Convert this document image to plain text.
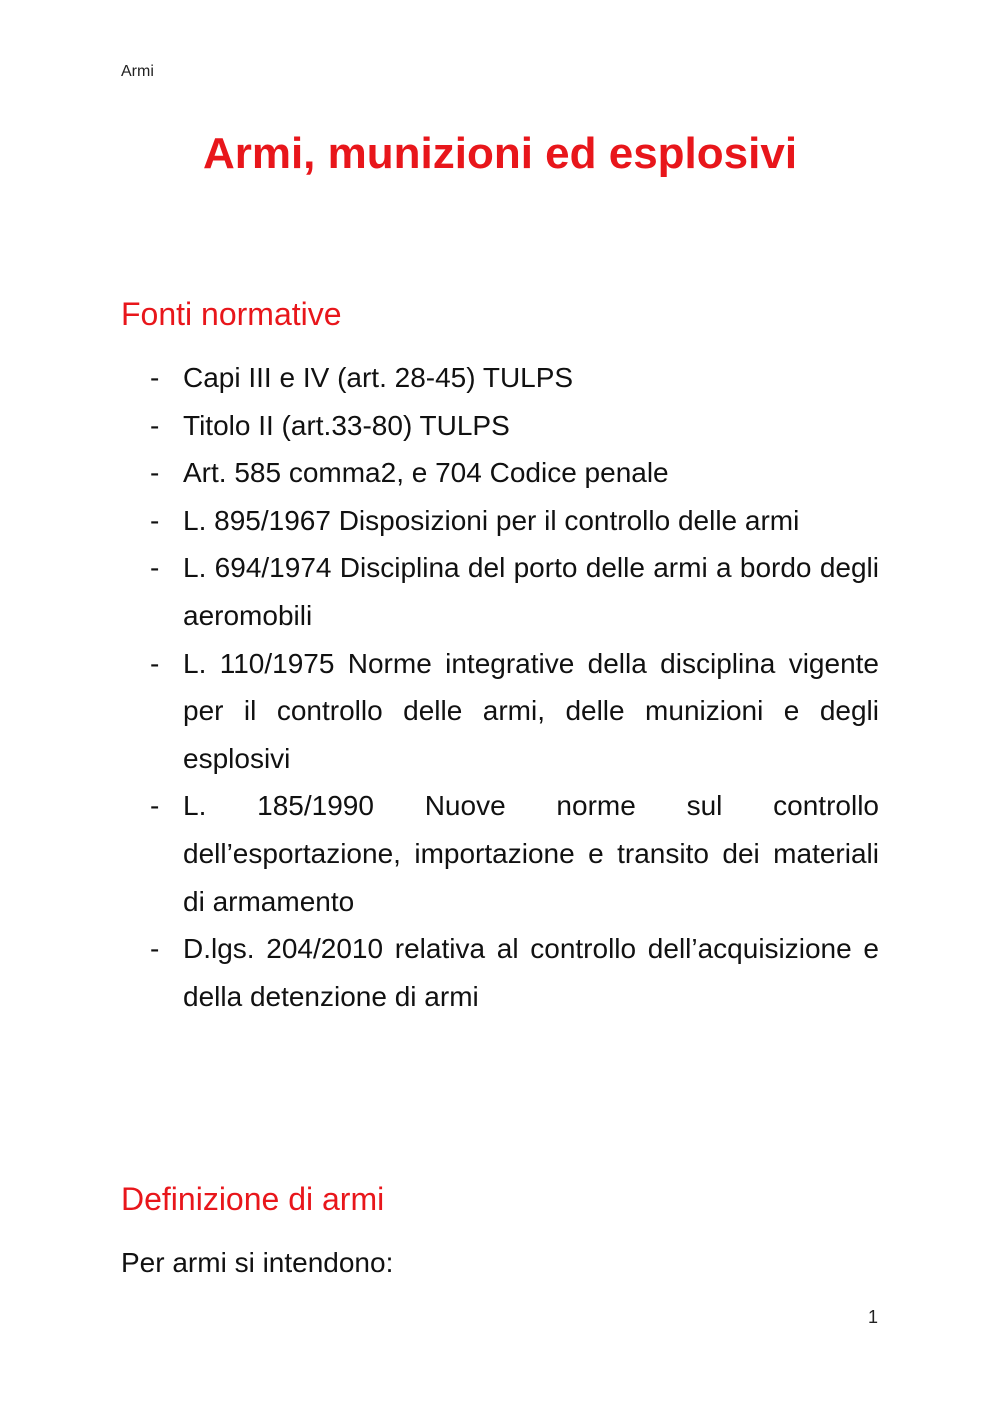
Armi
Armi, munizioni ed esplosivi
Fonti normative
- Capi III e IV (art. 28-45) TULPS
- Titolo II (art.33-80) TULPS
- Art. 585 comma2, e 704 Codice penale
- L. 895/1967 Disposizioni per il controllo delle armi
- L. 694/1974 Disciplina del porto delle armi a bordo degli aeromobili
- L. 110/1975 Norme integrative della disciplina vigente per il controllo delle armi, delle munizioni e degli esplosivi
- L. 185/1990 Nuove norme sul controllo dell’esportazione, importazione e transito dei materiali di armamento
- D.lgs. 204/2010 relativa al controllo dell’acquisizione e della detenzione di armi
Definizione di armi

Per armi si intendono:

1
